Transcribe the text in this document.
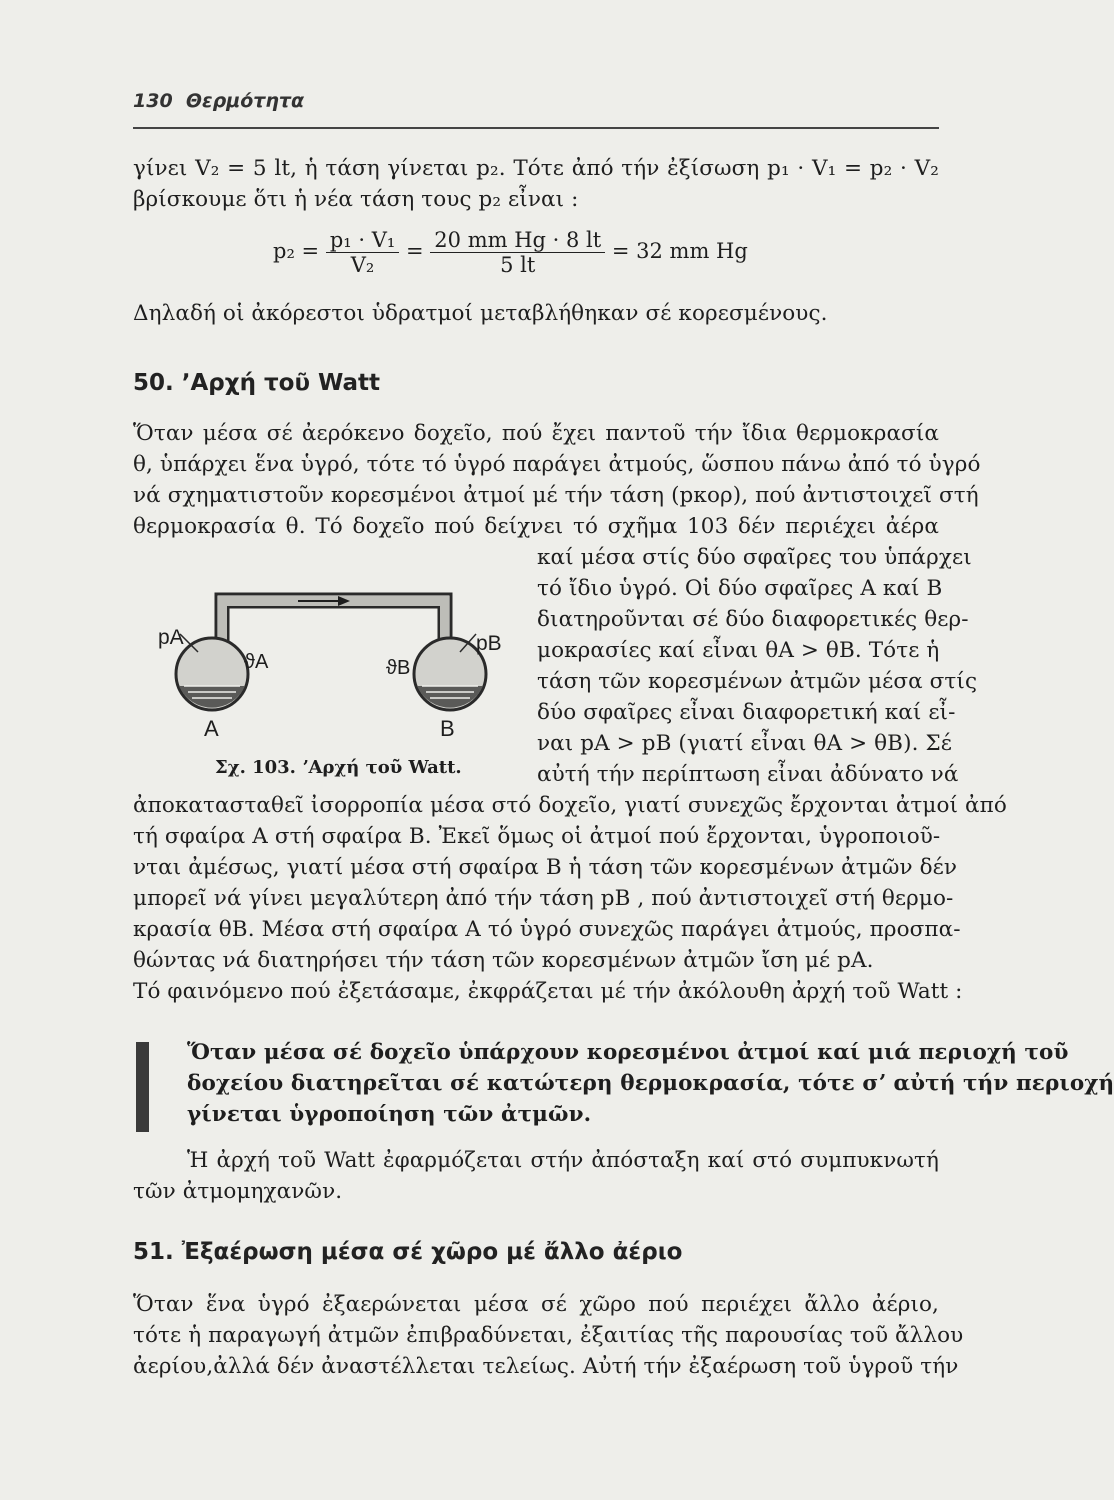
130 Θερμότητα
γίνει V₂ = 5 lt, ἡ τάση γίνεται p₂. Τότε ἀπό τήν ἐξίσωση p₁ · V₁ = p₂ · V₂
βρίσκουμε ὅτι ἡ νέα τάση τους p₂ εἶναι :
$p_2 = \frac{\text{p₁ · V₁}}{\text{V₂}} = \frac{\text{20 mm Hg · 8 lt}}{5 lt} = 32$ mm Hg
Δηλαδή οἱ ἀκόρεστοι ὑδρατμοί μεταβλήθηκαν σέ κορεσμένους.
50. ʼΑρχή τοῦ Watt
Ὅταν μέσα σέ ἀερόκενο δοχεῖο, πού ἔχει παντοῦ τήν ἴδια θερμοκρασία
θ, ὑπάρχει ἕνα ὑγρό, τότε τό ὑγρό παράγει ἀτμούς, ὥσπου πάνω ἀπό τό ὑγρό
νά σχηματιστοῦν κορεσμένοι ἀτμοί μέ τήν τάση (pκορ), πού ἀντιστοιχεῖ στή
θερμοκρασία θ. Τό δοχεῖο πού δείχνει τό σχῆμα 103 δέν περιέχει ἀέρα
καί μέσα στίς δύο σφαῖρες του ὑπάρχει
τό ἴδιο ὑγρό. Οἱ δύο σφαῖρες A καί B
διατηροῦνται σέ δύο διαφορετικές θερ-
μοκρασίες καί εἶναι θA > θB. Τότε ἡ
τάση τῶν κορεσμένων ἀτμῶν μέσα στίς
δύο σφαῖρες εἶναι διαφορετική καί εἶ-
ναι pA > pB (γιατί εἶναι θA > θB). Σέ
αὐτή τήν περίπτωση εἶναι ἀδύνατο νά
pA	pB
ϑA	ϑB
A	B
Σχ. 103. ʼΑρχή τοῦ Watt.
ἀποκατασταθεῖ ἰσορροπία μέσα στό δοχεῖο, γιατί συνεχῶς ἔρχονται ἀτμοί ἀπό
τή σφαίρα A στή σφαίρα B. Ἐκεῖ ὅμως οἱ ἀτμοί πού ἔρχονται, ὑγροποιοῦ-
νται ἀμέσως, γιατί μέσα στή σφαίρα B ἡ τάση τῶν κορεσμένων ἀτμῶν δέν
μπορεῖ νά γίνει μεγαλύτερη ἀπό τήν τάση pB , πού ἀντιστοιχεῖ στή θερμο-
κρασία θB. Μέσα στή σφαίρα A τό ὑγρό συνεχῶς παράγει ἀτμούς, προσπα-
θώντας νά διατηρήσει τήν τάση τῶν κορεσμένων ἀτμῶν ἴση μέ pA.
Τό φαινόμενο πού ἐξετάσαμε, ἐκφράζεται μέ τήν ἀκόλουθη ἀρχή τοῦ Watt :
Ὅταν μέσα σέ δοχεῖο ὑπάρχουν κορεσμένοι ἀτμοί καί μιά περιοχή τοῦ
δοχείου διατηρεῖται σέ κατώτερη θερμοκρασία, τότε σʼ αὐτή τήν περιοχή
γίνεται ὑγροποίηση τῶν ἀτμῶν.
Ἡ ἀρχή τοῦ Watt ἐφαρμόζεται στήν ἀπόσταξη καί στό συμπυκνωτή
τῶν ἀτμομηχανῶν.
51. Ἐξαέρωση μέσα σέ χῶρο μέ ἄλλο ἀέριο
Ὅταν ἕνα ὑγρό ἐξαερώνεται μέσα σέ χῶρο πού περιέχει ἄλλο ἀέριο,
τότε ἡ παραγωγή ἀτμῶν ἐπιβραδύνεται, ἐξαιτίας τῆς παρουσίας τοῦ ἄλλου
ἀερίου,ἀλλά δέν ἀναστέλλεται τελείως. Αὐτή τήν ἐξαέρωση τοῦ ὑγροῦ τήν
